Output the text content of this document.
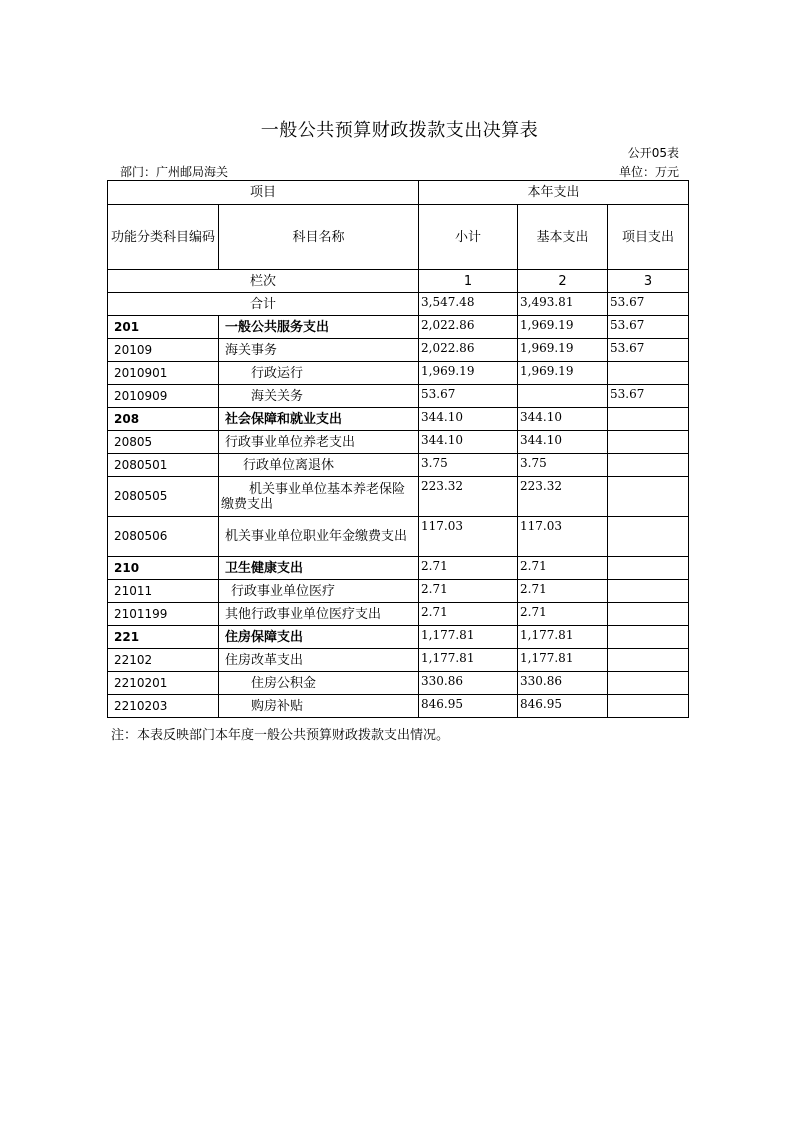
一般公共预算财政拨款支出决算表
公开05表
部门：广州邮局海关	单位：万元
项目		本年支出		
功能分类科目编码	科目名称	小计	基本支出	项目支出
栏次		1	2	3
合计		3,547.48	3,493.81	53.67
201	一般公共服务支出	2,022.86	1,969.19	53.67
20109	海关事务	2,022.86	1,969.19	53.67
2010901	行政运行	1,969.19	1,969.19	
2010909	海关关务	53.67		53.67
208	社会保障和就业支出	344.10	344.10	
20805	行政事业单位养老支出	344.10	344.10	
2080501	行政单位离退休	3.75	3.75	
2080505	机关事业单位基本养老保险缴费支出	223.32	223.32	
2080506	机关事业单位职业年金缴费支出	117.03	117.03	
210	卫生健康支出	2.71	2.71	
21011	行政事业单位医疗	2.71	2.71	
2101199	其他行政事业单位医疗支出	2.71	2.71	
221	住房保障支出	1,177.81	1,177.81	
22102	住房改革支出	1,177.81	1,177.81	
2210201	住房公积金	330.86	330.86	
2210203	购房补贴	846.95	846.95	
注：本表反映部门本年度一般公共预算财政拨款支出情况。
